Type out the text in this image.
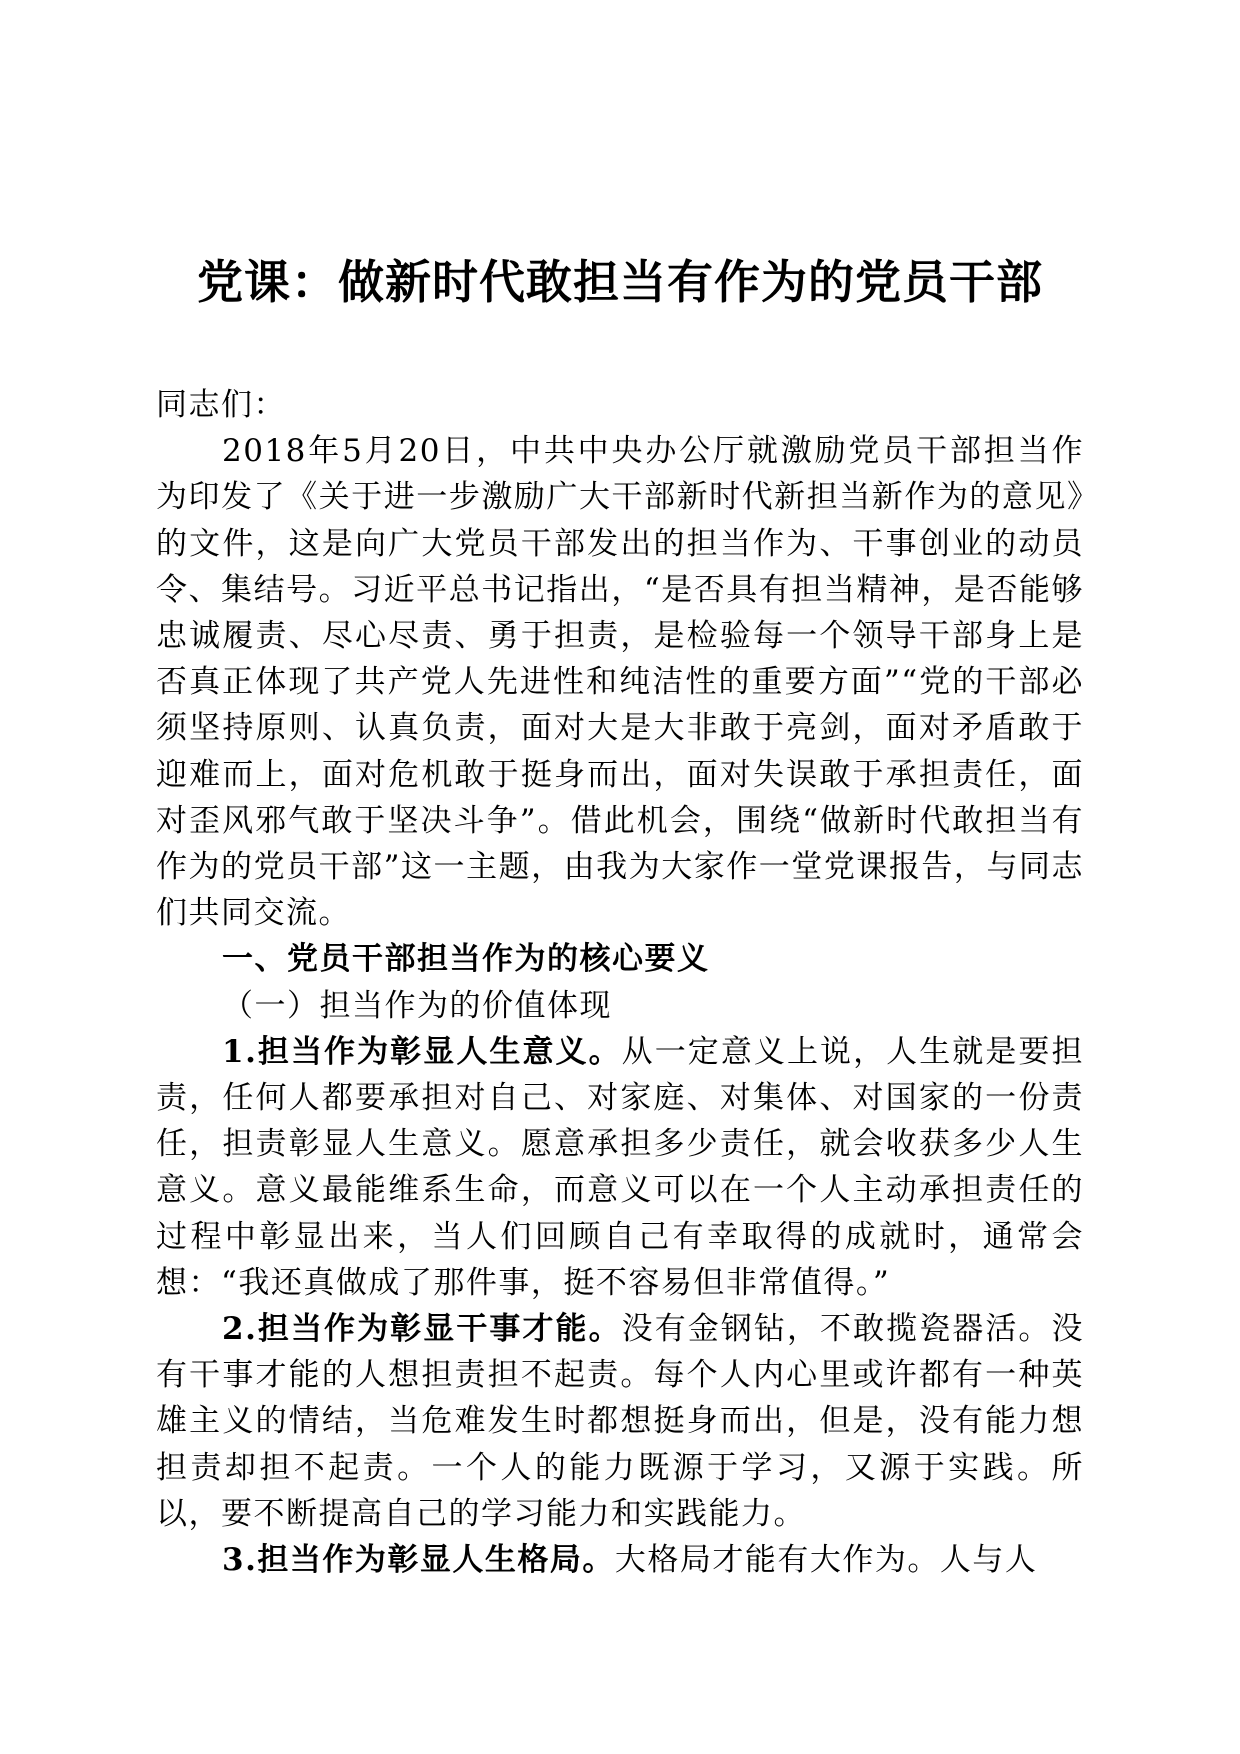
党课：做新时代敢担当有作为的党员干部

同志们：

2018年5月20日，中共中央办公厅就激励党员干部担当作为印发了《关于进一步激励广大干部新时代新担当新作为的意见》的文件，这是向广大党员干部发出的担当作为、干事创业的动员令、集结号。习近平总书记指出，“是否具有担当精神，是否能够忠诚履责、尽心尽责、勇于担责，是检验每一个领导干部身上是否真正体现了共产党人先进性和纯洁性的重要方面”“党的干部必须坚持原则、认真负责，面对大是大非敢于亮剑，面对矛盾敢于迎难而上，面对危机敢于挺身而出，面对失误敢于承担责任，面对歪风邪气敢于坚决斗争”。借此机会，围绕“做新时代敢担当有作为的党员干部”这一主题，由我为大家作一堂党课报告，与同志们共同交流。

一、党员干部担当作为的核心要义

（一）担当作为的价值体现

1.担当作为彰显人生意义。从一定意义上说，人生就是要担责，任何人都要承担对自己、对家庭、对集体、对国家的一份责任，担责彰显人生意义。愿意承担多少责任，就会收获多少人生意义。意义最能维系生命，而意义可以在一个人主动承担责任的过程中彰显出来，当人们回顾自己有幸取得的成就时，通常会想：“我还真做成了那件事，挺不容易但非常值得。”

2.担当作为彰显干事才能。没有金钢钻，不敢揽瓷器活。没有干事才能的人想担责担不起责。每个人内心里或许都有一种英雄主义的情结，当危难发生时都想挺身而出，但是，没有能力想担责却担不起责。一个人的能力既源于学习，又源于实践。所以，要不断提高自己的学习能力和实践能力。

3.担当作为彰显人生格局。大格局才能有大作为。人与人
